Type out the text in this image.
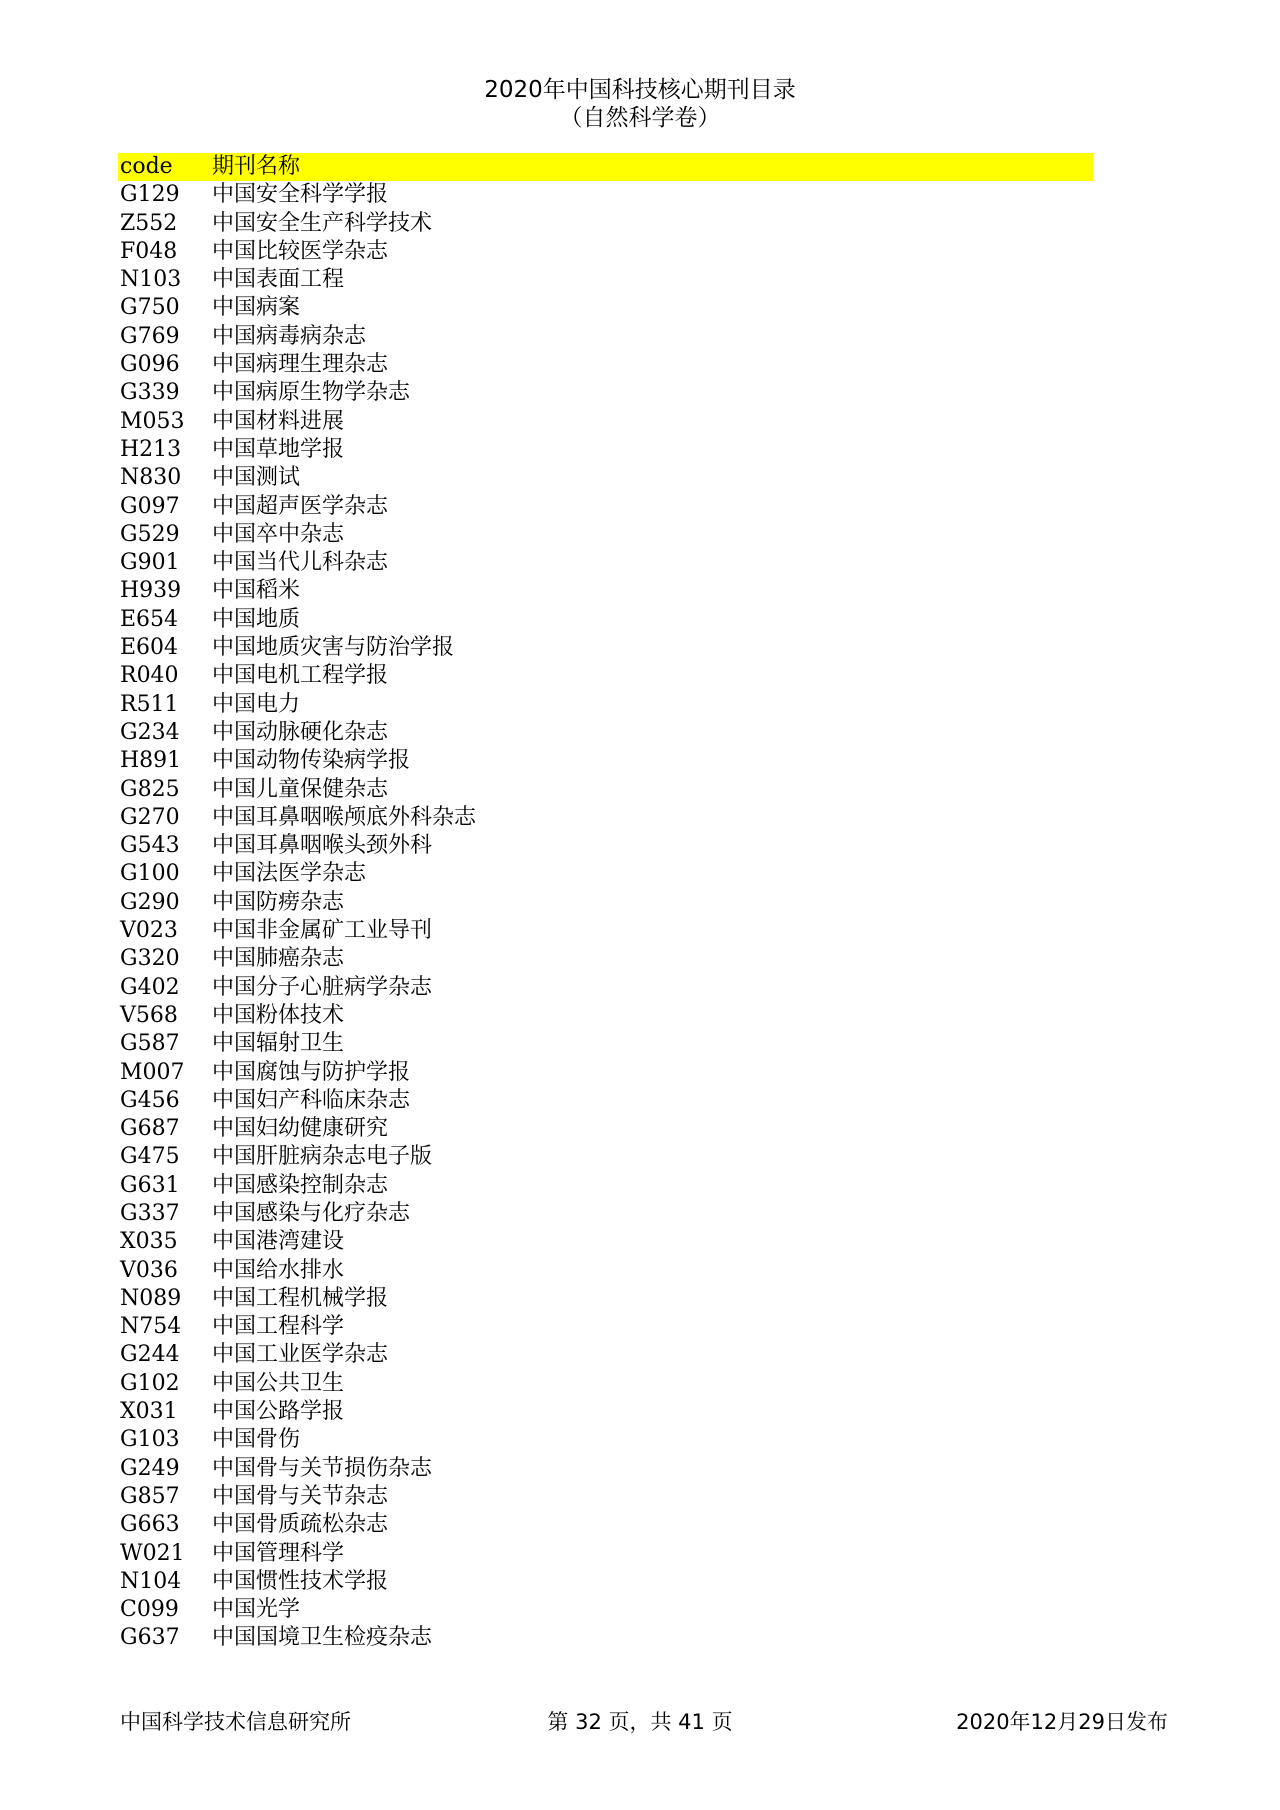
2020年中国科技核心期刊目录
（自然科学卷）
code 期刊名称
G129 中国安全科学学报
Z552 中国安全生产科学技术
F048 中国比较医学杂志
N103 中国表面工程
G750 中国病案
G769 中国病毒病杂志
G096 中国病理生理杂志
G339 中国病原生物学杂志
M053 中国材料进展
H213 中国草地学报
N830 中国测试
G097 中国超声医学杂志
G529 中国卒中杂志
G901 中国当代儿科杂志
H939 中国稻米
E654 中国地质
E604 中国地质灾害与防治学报
R040 中国电机工程学报
R511 中国电力
G234 中国动脉硬化杂志
H891 中国动物传染病学报
G825 中国儿童保健杂志
G270 中国耳鼻咽喉颅底外科杂志
G543 中国耳鼻咽喉头颈外科
G100 中国法医学杂志
G290 中国防痨杂志
V023 中国非金属矿工业导刊
G320 中国肺癌杂志
G402 中国分子心脏病学杂志
V568 中国粉体技术
G587 中国辐射卫生
M007 中国腐蚀与防护学报
G456 中国妇产科临床杂志
G687 中国妇幼健康研究
G475 中国肝脏病杂志电子版
G631 中国感染控制杂志
G337 中国感染与化疗杂志
X035 中国港湾建设
V036 中国给水排水
N089 中国工程机械学报
N754 中国工程科学
G244 中国工业医学杂志
G102 中国公共卫生
X031 中国公路学报
G103 中国骨伤
G249 中国骨与关节损伤杂志
G857 中国骨与关节杂志
G663 中国骨质疏松杂志
W021 中国管理科学
N104 中国惯性技术学报
C099 中国光学
G637 中国国境卫生检疫杂志
中国科学技术信息研究所	第 32 页，共 41 页	2020年12月29日发布
